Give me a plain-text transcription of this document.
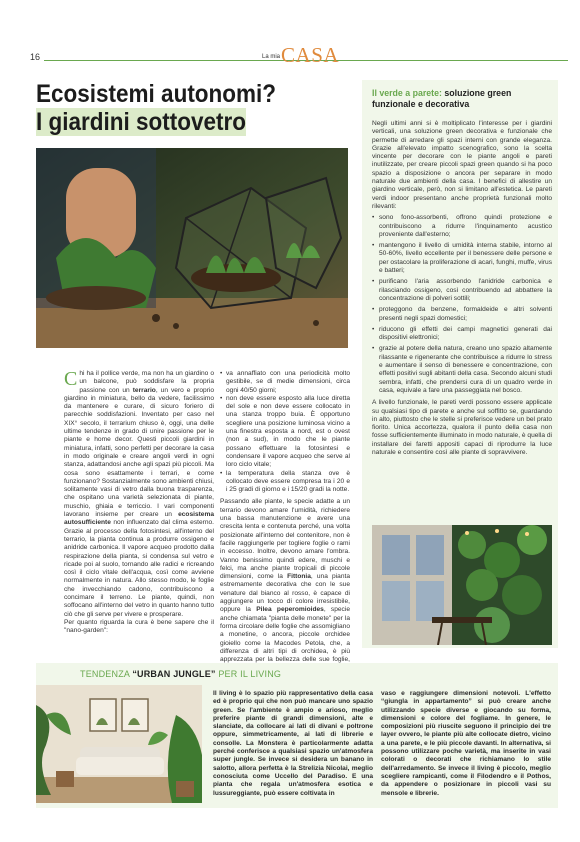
16	La mia CASA
Ecosistemi autonomi?
I giardini sottovetro
Chi ha il pollice verde, ma non ha un giardino o un balcone, può soddisfare la propria passione con un terrario, un vero e proprio giardino in miniatura, bello da vedere, facilissimo da mantenere e curare, di sicuro foriero di parecchie soddisfazioni. Inventato per caso nel XIX° secolo, il terrarium chiuso è, oggi, una delle ultime tendenze in grado di unire passione per le piante e home decor. Questi piccoli giardini in miniatura, infatti, sono perfetti per decorare la casa in modo originale e creare angoli verdi in ogni stanza, adattandosi anche agli spazi più piccoli. Ma cosa sono esattamente i terrari, e come funzionano? Sostanzialmente sono ambienti chiusi, solitamente vasi di vetro dalla buona trasparenza, che ospitano una varietà selezionata di piante, muschio, ghiaia e terriccio. I vari componenti lavorano insieme per creare un ecosistema autosufficiente non influenzato dal clima esterno. Grazie al processo della fotosintesi, all'interno del terrario, la pianta continua a produrre ossigeno e anidride carbonica. Il vapore acqueo prodotto dalla respirazione della pianta, si condensa sul vetro e ricade poi al suolo, tornando alle radici e ricreando così il ciclo vitale dell'acqua, così come avviene normalmente in natura. Allo stesso modo, le foglie che invecchiando cadono, contribuiscono a concimare il terreno. Le piante, quindi, non soffocano all'interno del vetro in quanto hanno tutto ciò che gli serve per vivere e prosperare.
Per quanto riguarda la cura è bene sapere che il "nano-garden":
• va annaffiato con una periodicità molto gestibile, se di medie dimensioni, circa ogni 40/50 giorni;
• non deve essere esposto alla luce diretta del sole e non deve essere collocato in una stanza troppo buia. È opportuno scegliere una posizione luminosa vicino a una finestra esposta a nord, est o ovest (non a sud), in modo che le piante possano effettuare la fotosintesi e condensare il vapore acqueo che serve al loro ciclo vitale;
• la temperatura della stanza ove è collocato deve essere compresa tra i 20 e i 25 gradi di giorno e i 15/20 gradi la notte.

Passando alle piante, le specie adatte a un terrario devono amare l'umidità, richiedere una bassa manutenzione e avere una crescita lenta e contenuta perché, una volta posizionate all'interno del contenitore, non è facile raggiungerle per togliere foglie o rami in eccesso. Inoltre, devono amare l'ombra. Vanno benissimo quindi edere, muschi e felci, ma anche piante tropicali di piccole dimensioni, come la Fittonia, una pianta estremamente decorativa che con le sue venature dal bianco al rosso, è capace di aggiungere un tocco di colore irresistibile, oppure la Pilea peperomioides, specie anche chiamata "pianta delle monete" per la forma circolare delle foglie che assomigliano a monetine, o ancora, piccole orchidee gioiello come la Macodes Petola, che, a differenza di altri tipi di orchidea, è più apprezzata per la bellezza delle sue foglie,

Il verde a parete: soluzione green funzionale e decorativa

Negli ultimi anni si è moltiplicato l'interesse per i giardini verticali, una soluzione green decorativa e funzionale che permette di arredare gli spazi interni con grande eleganza. Grazie all'elevato impatto scenografico, sono la scelta vincente per decorare con le piante angoli e pareti inutilizzate, per creare piccoli spazi green quando si ha poco spazio a disposizione o ancora per separare in modo naturale due ambienti della casa. I benefici di allestire un giardino verticale, però, non si limitano all'estetica. Le pareti verdi indoor presentano anche proprietà funzionali molto rilevanti:

• sono fono-assorbenti, offrono quindi protezione e contribuiscono a ridurre l'inquinamento acustico proveniente dall'esterno;
• mantengono il livello di umidità interna stabile, intorno al 50-60%, livello eccellente per il benessere delle persone e per ostacolare la proliferazione di acari, funghi, muffe, virus e batteri;
• purificano l'aria assorbendo l'anidride carbonica e rilasciando ossigeno, così contribuendo ad abbattere la concentrazione di polveri sottili;
• proteggono da benzene, formaldeide e altri solventi presenti negli spazi domestici;
• riducono gli effetti dei campi magnetici generati dai dispositivi elettronici;
• grazie al potere della natura, creano uno spazio altamente rilassante e rigenerante che contribuisce a ridurre lo stress e aumentare il senso di benessere e concentrazione, con effetti positivi sugli abitanti della casa. Secondo alcuni studi sembra, infatti, che prendersi cura di un quadro verde in casa, equivale a fare una passeggiata nel bosco.

A livello funzionale, le pareti verdi possono essere applicate su qualsiasi tipo di parete e anche sul soffitto se, guardando in alto, piuttosto che le stelle si preferisce vedere un bel prato fiorito. Unica accortezza, qualora il punto della casa non fosse sufficientemente illuminato in modo naturale, è quella di installare dei faretti appositi capaci di riprodurre la luce naturale e consentire così alle piante di sopravvivere.

TENDENZA “URBAN JUNGLE” PER IL LIVING
Il living è lo spazio più rappresentativo della casa ed è proprio qui che non può mancare uno spazio green. Se l'ambiente è ampio e arioso, meglio preferire piante di grandi dimensioni, alte e slanciate, da collocare ai lati di divani e poltrone oppure, simmetricamente, ai lati di librerie e consolle. La Monstera è particolarmente adatta perché conferisce a qualsiasi spazio un'atmosfera super jungle. Se invece si desidera un banano in salotto, allora perfetta è la Strelizia Nicolai, meglio conosciuta come Uccello del Paradiso. E una pianta che regala un'atmosfera esotica e lussureggiante, può essere coltivata in
vaso e raggiungere dimensioni notevoli. L'effetto “giungla in appartamento” si può creare anche utilizzando specie diverse e giocando su forma, dimensioni e colore del fogliame. In genere, le composizioni più riuscite seguono il principio dei tre layer ovvero, le piante più alte collocate dietro, vicino a una parete, e le più piccole davanti. In alternativa, si possono utilizzare poche varietà, ma inserite in vasi colorati o decorati che richiamano lo stile dell'arredamento. Se invece il living è piccolo, meglio scegliere rampicanti, come il Filodendro e il Pothos, da appendere o posizionare in piccoli vasi su mensole e librerie.
